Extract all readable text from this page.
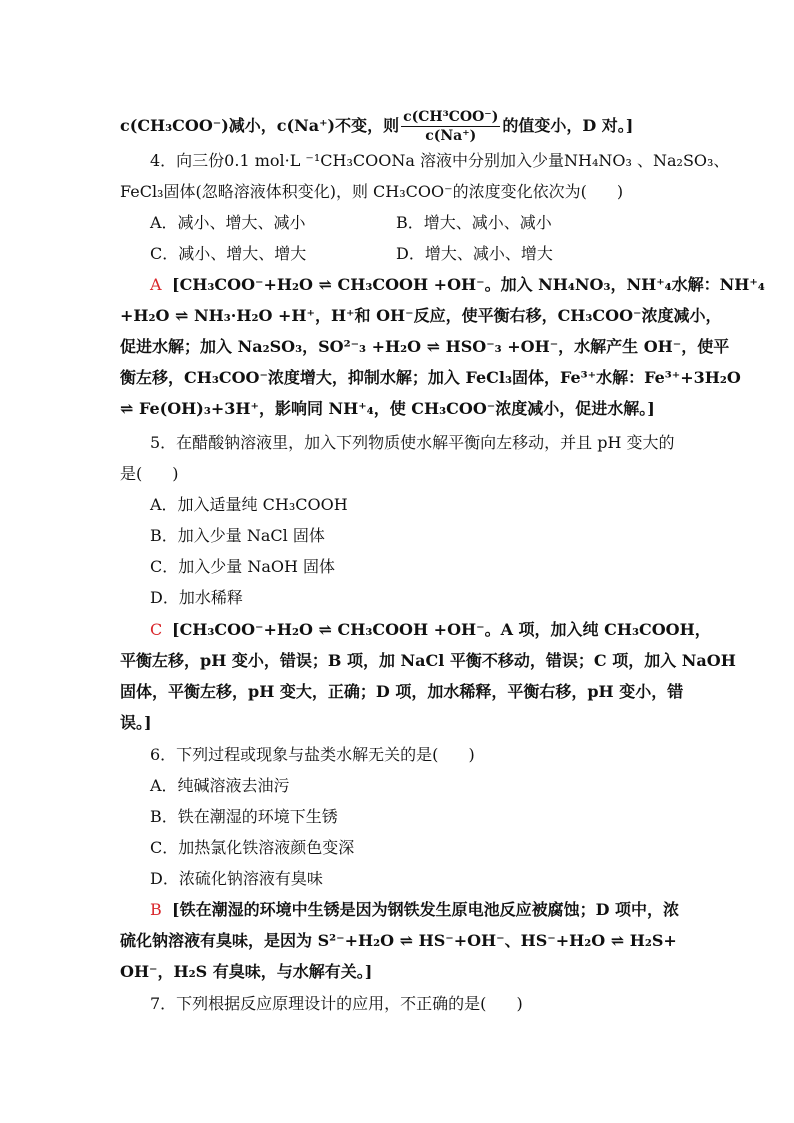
c(CH₃COO⁻)减小，c(Na⁺)不变，则 $\frac{\text{c(CH³COO⁻)}}{c(Na^+)}$ 的值变小，D 对。]
4．向三份0.1 mol·L ⁻¹CH₃COONa 溶液中分别加入少量NH₄NO₃ 、Na₂SO₃、
FeCl₃固体(忽略溶液体积变化)，则 CH₃COO⁻的浓度变化依次为( )
A．减小、增大、减小	B．增大、减小、减小
C．减小、增大、增大	D．增大、减小、增大
A [CH₃COO⁻+H₂O ⇌ CH₃COOH +OH⁻。加入 NH₄NO₃，NH⁺₄水解：NH⁺₄
+H₂O ⇌ NH₃·H₂O +H⁺，H⁺和 OH⁻反应，使平衡右移，CH₃COO⁻浓度减小，
促进水解；加入 Na₂SO₃，SO²⁻₃ +H₂O ⇌ HSO⁻₃ +OH⁻，水解产生 OH⁻，使平
衡左移，CH₃COO⁻浓度增大，抑制水解；加入 FeCl₃固体，Fe³⁺水解：Fe³⁺+3H₂O
⇌ Fe(OH)₃+3H⁺，影响同 NH⁺₄，使 CH₃COO⁻浓度减小，促进水解。]
5．在醋酸钠溶液里，加入下列物质使水解平衡向左移动，并且 pH 变大的
是( )
A．加入适量纯 CH₃COOH
B．加入少量 NaCl 固体
C．加入少量 NaOH 固体
D．加水稀释
C [CH₃COO⁻+H₂O ⇌ CH₃COOH +OH⁻。A 项，加入纯 CH₃COOH，
平衡左移，pH 变小，错误；B 项，加 NaCl 平衡不移动，错误；C 项，加入 NaOH
固体，平衡左移，pH 变大，正确；D 项，加水稀释，平衡右移，pH 变小，错
误。]
6．下列过程或现象与盐类水解无关的是( )
A．纯碱溶液去油污
B．铁在潮湿的环境下生锈
C．加热氯化铁溶液颜色变深
D．浓硫化钠溶液有臭味
B [铁在潮湿的环境中生锈是因为钢铁发生原电池反应被腐蚀；D 项中，浓
硫化钠溶液有臭味，是因为 S²⁻+H₂O ⇌ HS⁻+OH⁻、HS⁻+H₂O ⇌ H₂S+
OH⁻，H₂S 有臭味，与水解有关。]
7．下列根据反应原理设计的应用，不正确的是( )
